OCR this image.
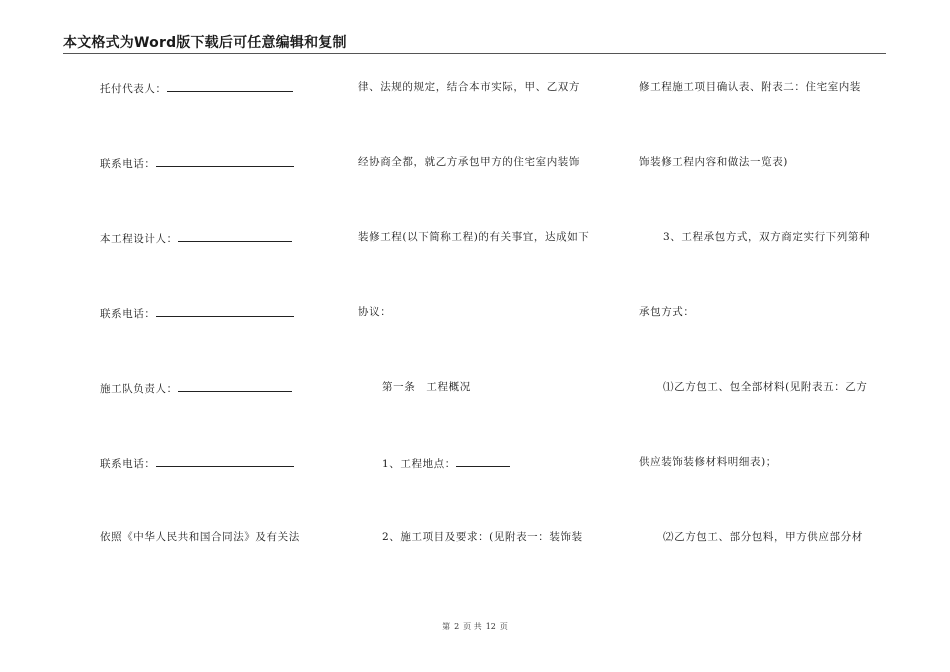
本文格式为Word版下载后可任意编辑和复制
托付代表人：
联系电话：
本工程设计人：
联系电话：
施工队负责人：
联系电话：
依照《中华人民共和国合同法》及有关法
律、法规的规定，结合本市实际，甲、乙双方
经协商全都，就乙方承包甲方的住宅室内装饰
装修工程(以下简称工程)的有关事宜，达成如下
协议：
第一条　工程概况
1、工程地点：
2、施工项目及要求：(见附表一：装饰装
修工程施工项目确认表、附表二：住宅室内装
饰装修工程内容和做法一览表)
3、工程承包方式，双方商定实行下列第种
承包方式：
⑴乙方包工、包全部材料(见附表五：乙方
供应装饰装修材料明细表)；
⑵乙方包工、部分包料，甲方供应部分材
第 2 页 共 12 页
